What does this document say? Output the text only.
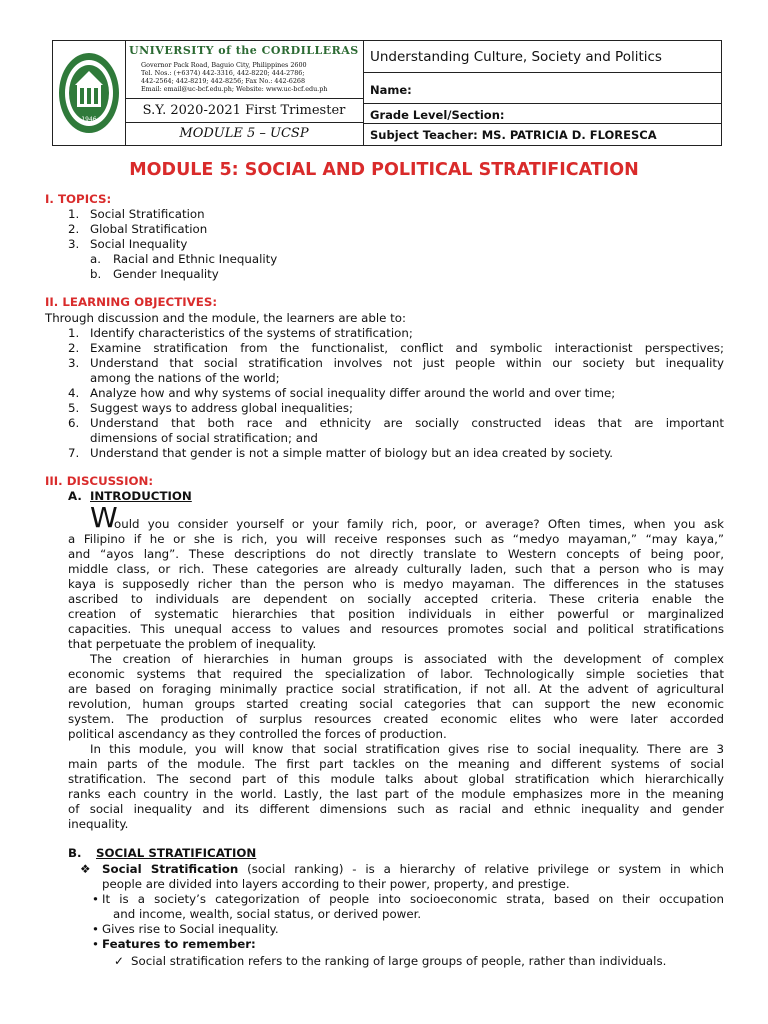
1946
UNIVERSITY of the CORDILLERAS
Governor Pack Road, Baguio City, Philippines 2600
Tel. Nos.: (+6374) 442-3316, 442-8220; 444-2786;
442-2564; 442-8219; 442-8256; Fax No.: 442-6268
Email: email@uc-bcf.edu.ph; Website: www.uc-bcf.edu.ph
S.Y. 2020-2021 First Trimester
MODULE 5 – UCSP
Understanding Culture, Society and Politics
Name:
Grade Level/Section:
Subject Teacher: MS. PATRICIA D. FLORESCA
MODULE 5: SOCIAL AND POLITICAL STRATIFICATION
I. TOPICS:
1. Social Stratification
2. Global Stratification
3. Social Inequality
a. Racial and Ethnic Inequality
b. Gender Inequality
II. LEARNING OBJECTIVES:
Through discussion and the module, the learners are able to:
1. Identify characteristics of the systems of stratification;
2. Examine stratification from the functionalist, conflict and symbolic interactionist perspectives;
3. Understand that social stratification involves not just people within our society but inequality
among the nations of the world;
4. Analyze how and why systems of social inequality differ around the world and over time;
5. Suggest ways to address global inequalities;
6. Understand that both race and ethnicity are socially constructed ideas that are important
dimensions of social stratification; and
7. Understand that gender is not a simple matter of biology but an idea created by society.
III. DISCUSSION:
A. INTRODUCTION
W
ould you consider yourself or your family rich, poor, or average? Often times, when you ask
a Filipino if he or she is rich, you will receive responses such as “medyo mayaman,” “may kaya,”
and “ayos lang”. These descriptions do not directly translate to Western concepts of being poor,
middle class, or rich. These categories are already culturally laden, such that a person who is may
kaya is supposedly richer than the person who is medyo mayaman. The differences in the statuses
ascribed to individuals are dependent on socially accepted criteria. These criteria enable the
creation of systematic hierarchies that position individuals in either powerful or marginalized
capacities. This unequal access to values and resources promotes social and political stratifications
that perpetuate the problem of inequality.
The creation of hierarchies in human groups is associated with the development of complex
economic systems that required the specialization of labor. Technologically simple societies that
are based on foraging minimally practice social stratification, if not all. At the advent of agricultural
revolution, human groups started creating social categories that can support the new economic
system. The production of surplus resources created economic elites who were later accorded
political ascendancy as they controlled the forces of production.
In this module, you will know that social stratification gives rise to social inequality. There are 3
main parts of the module. The first part tackles on the meaning and different systems of social
stratification. The second part of this module talks about global stratification which hierarchically
ranks each country in the world. Lastly, the last part of the module emphasizes more in the meaning
of social inequality and its different dimensions such as racial and ethnic inequality and gender
inequality.
B. SOCIAL STRATIFICATION
❖ Social Stratification (social ranking) - is a hierarchy of relative privilege or system in which
people are divided into layers according to their power, property, and prestige.
• It is a society’s categorization of people into socioeconomic strata, based on their occupation
and income, wealth, social status, or derived power.
• Gives rise to Social inequality.
• Features to remember:
✓ Social stratification refers to the ranking of large groups of people, rather than individuals.
